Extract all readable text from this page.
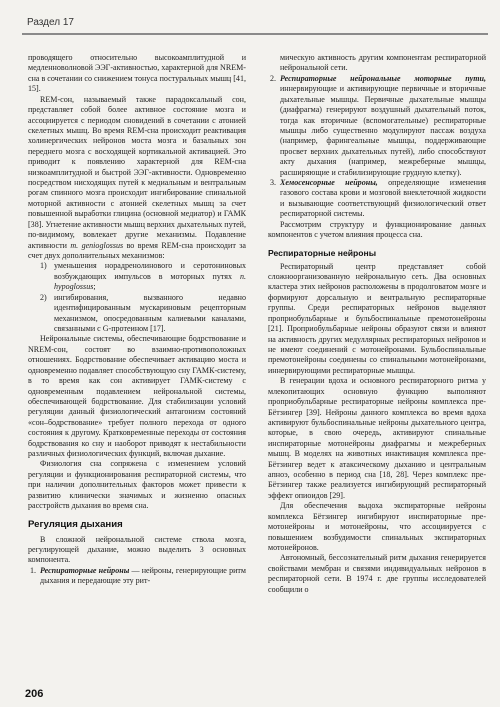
Раздел 17

проводящего относительно высокоамплитудной и медленноволновой ЭЭГ-активностью, характерной для NREM-сна в сочетании со снижением тонуса постуральных мышц [41, 15].

REM-сон, называемый также парадоксальный сон, представляет собой более активное состояние мозга и ассоциируется с периодом сновидений в сочетании с атонией скелетных мышц. Во время REM-сна происходит реактивация холинергических нейронов моста мозга и базальных зон переднего мозга с восходящей кортикальной активацией. Это приводит к появлению характерной для REM-сна низкоамплитудной и быстрой ЭЭГ-активности. Одновременно посредством нисходящих путей к медиальным и вентральным рогам спинного мозга происходит ингибирование спинальной моторной активности с атонией скелетных мышц за счет повышенной выработки глицина (основной медиатор) и ГАМК [38]. Угнетение активности мышц верхних дыхательных путей, по-видимому, вовлекает другие механизмы. Подавление активности m. genioglossus во время REM-сна происходит за счет двух дополнительных механизмов:

1) уменьшения норадренолинового и серотониновых возбуждающих импульсов в моторных путях n. hypoglossus;
2) ингибирования, вызванного недавно идентифицированным мускариновым рецепторным механизмом, опосредованным калиевыми каналами, связанными с G-протеином [17].

Нейрональные системы, обеспечивающие бодрствование и NREM-сон, состоят во взаимно-противоположных отношениях. Бодрствование обеспечивает активацию моста и одновременно подавляет способствующую сну ГАМК-систему, в то время как сон активирует ГАМК-систему с одновременным подавлением нейрональной системы, обеспечивающей бодрствование. Для стабилизации условий регуляции данный физиологический антагонизм состояний «сон–бодрствование» требует полного перехода от одного состояния к другому. Кратковременные переходы от состояния бодрствования ко сну и наоборот приводят к нестабильности различных физиологических функций, включая дыхание.

Физиология сна сопряжена с изменением условий регуляции и функционирования респираторной системы, что при наличии дополнительных факторов может привести к развитию клинически значимых и жизненно опасных расстройств дыхания во время сна.

Регуляция дыхания

В сложной нейрональной системе ствола мозга, регулирующей дыхание, можно выделить 3 основных компонента.

1. Респираторные нейроны — нейроны, генерирующие ритм дыхания и передающие эту рит-

мическую активность другим компонентам респираторной нейрональной сети.

2. Респираторные нейрональные моторные пути, иннервирующие и активирующие первичные и вторичные дыхательные мышцы. Первичные дыхательные мышцы (диафрагма) генерируют воздушный дыхательный поток, тогда как вторичные (вспомогательные) респираторные мышцы либо существенно модулируют пассаж воздуха (например, фарингеальные мышцы, поддерживающие просвет верхних дыхательных путей), либо способствуют акту дыхания (например, межреберные мышцы, расширяющие и стабилизирующие грудную клетку).
3. Хемосенсорные нейроны, определяющие изменения газового состава крови и мозговой внеклеточной жидкости и вызывающие соответствующий физиологический ответ респираторной системы.

Рассмотрим структуру и функционирование данных компонентов с учетом влияния процесса сна.

Респираторные нейроны

Респираторный центр представляет собой сложноорганизованную нейрональную сеть. Два основных кластера этих нейронов расположены в продолговатом мозге и формируют дорсальную и вентральную респираторные группы. Среди респираторных нейронов выделяют проприобульбарные и бульбоспинальные премотонейроны [21]. Проприобульбарные нейроны образуют связи и влияют на активность других медуллярных респираторных нейронов и не имеют соединений с мотонейронами. Бульбоспинальные премотонейроны соединены со спинальными мотонейронами, иннервирующими респираторные мышцы.

В генерации вдоха и основного респираторного ритма у млекопитающих основную функцию выполняют проприобульбарные респираторные нейроны комплекса пре-Бётзингер [39]. Нейроны данного комплекса во время вдоха активируют бульбоспинальные нейроны дыхательного центра, которые, в свою очередь, активируют спинальные инспираторные мотонейроны диафрагмы и межреберных мышц. В моделях на животных инактивация комплекса пре-Бётзингер ведет к атаксическому дыханию и центральным апноэ, особенно в период сна [18, 28]. Через комплекс пре-Бётзингер также реализуется ингибирующий респираторный эффект опиоидов [29].

Для обеспечения выдоха экспираторные нейроны комплекса Бётзингер ингибируют инспираторные пре-мотонейроны и мотонейроны, что ассоциируется с повышением возбудимости спинальных экспираторных мотонейронов.

Автономный, бессознательный ритм дыхания генерируется свойствами мембран и связями индивидуальных нейронов в респираторной сети. В 1974 г. две группы исследователей сообщили о

206
